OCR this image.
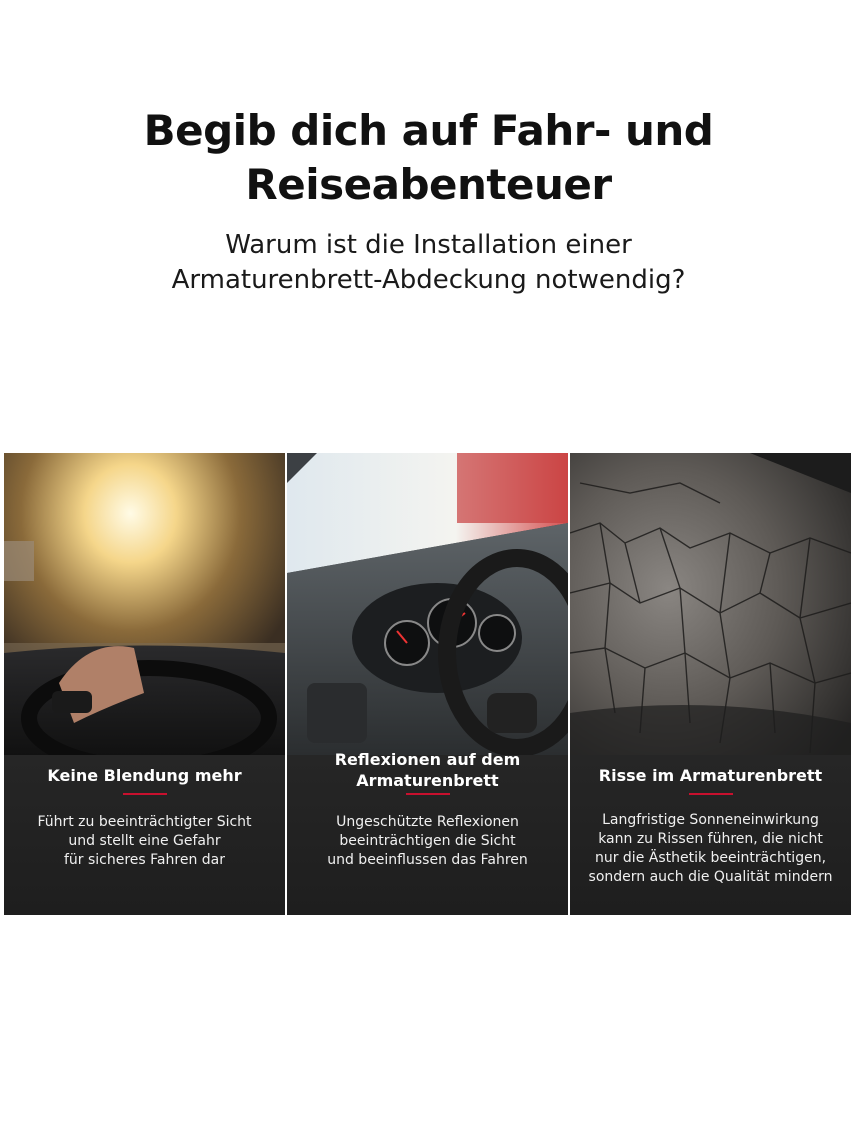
Begib dich auf Fahr- und
Reiseabenteuer
Warum ist die Installation einer
Armaturenbrett-Abdeckung notwendig?
Keine Blendung mehr
Führt zu beeinträchtigter Sicht
und stellt eine Gefahr
für sicheres Fahren dar
Reflexionen auf dem
Armaturenbrett
Ungeschützte Reflexionen
beeinträchtigen die Sicht
und beeinflussen das Fahren
Risse im Armaturenbrett
Langfristige Sonneneinwirkung
kann zu Rissen führen, die nicht
nur die Ästhetik beeinträchtigen,
sondern auch die Qualität mindern
